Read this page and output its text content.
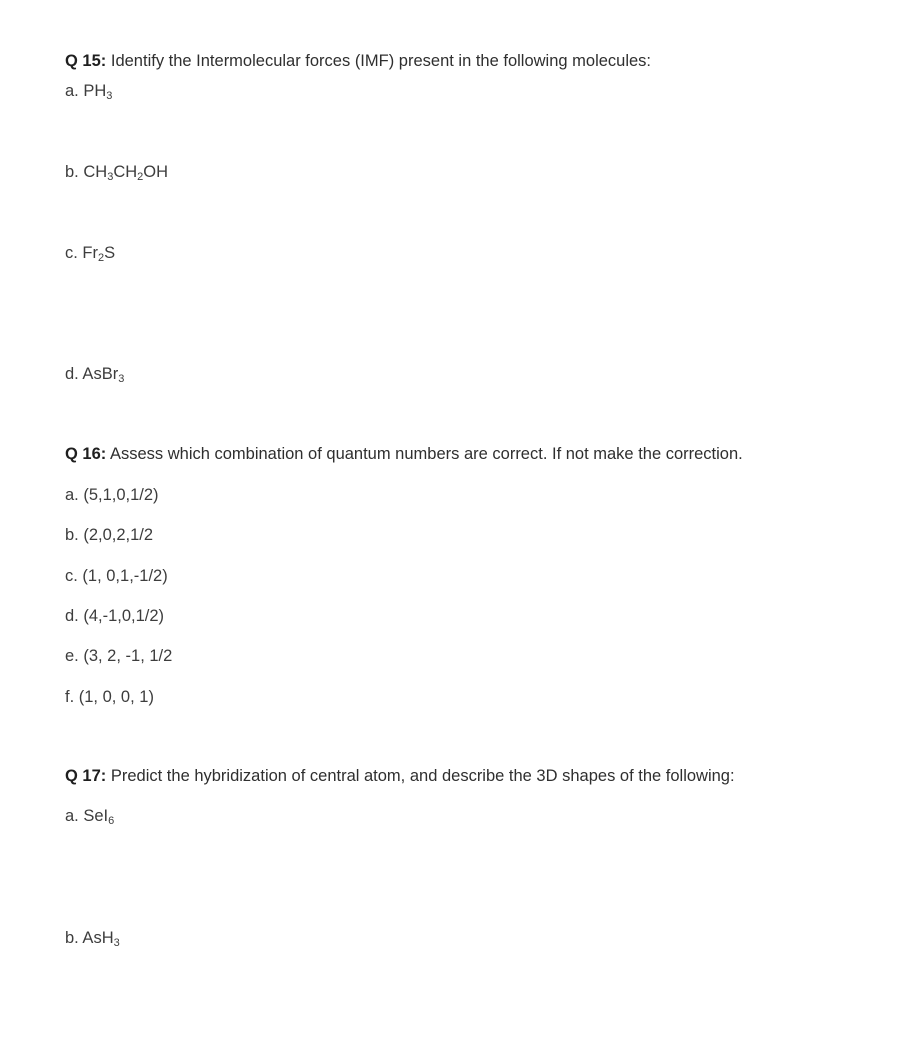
Q 15: Identify the Intermolecular forces (IMF) present in the following molecules:
a. $PH_3$
b. $CH_3CH_2OH$
c. $Fr_2S$
d. AsBr$_3$
Q 16: Assess which combination of quantum numbers are correct. If not make the correction.
a. (5,1,0,1/2)
b. (2,0,2,1/2
c. (1, 0,1,-1/2)
d. (4,-1,0,1/2)
e. (3, 2, -1, 1/2
f. (1, 0, 0, 1)
Q 17: Predict the hybridization of central atom, and describe the 3D shapes of the following:
a. SeI$_6$
b. AsH$_3$
